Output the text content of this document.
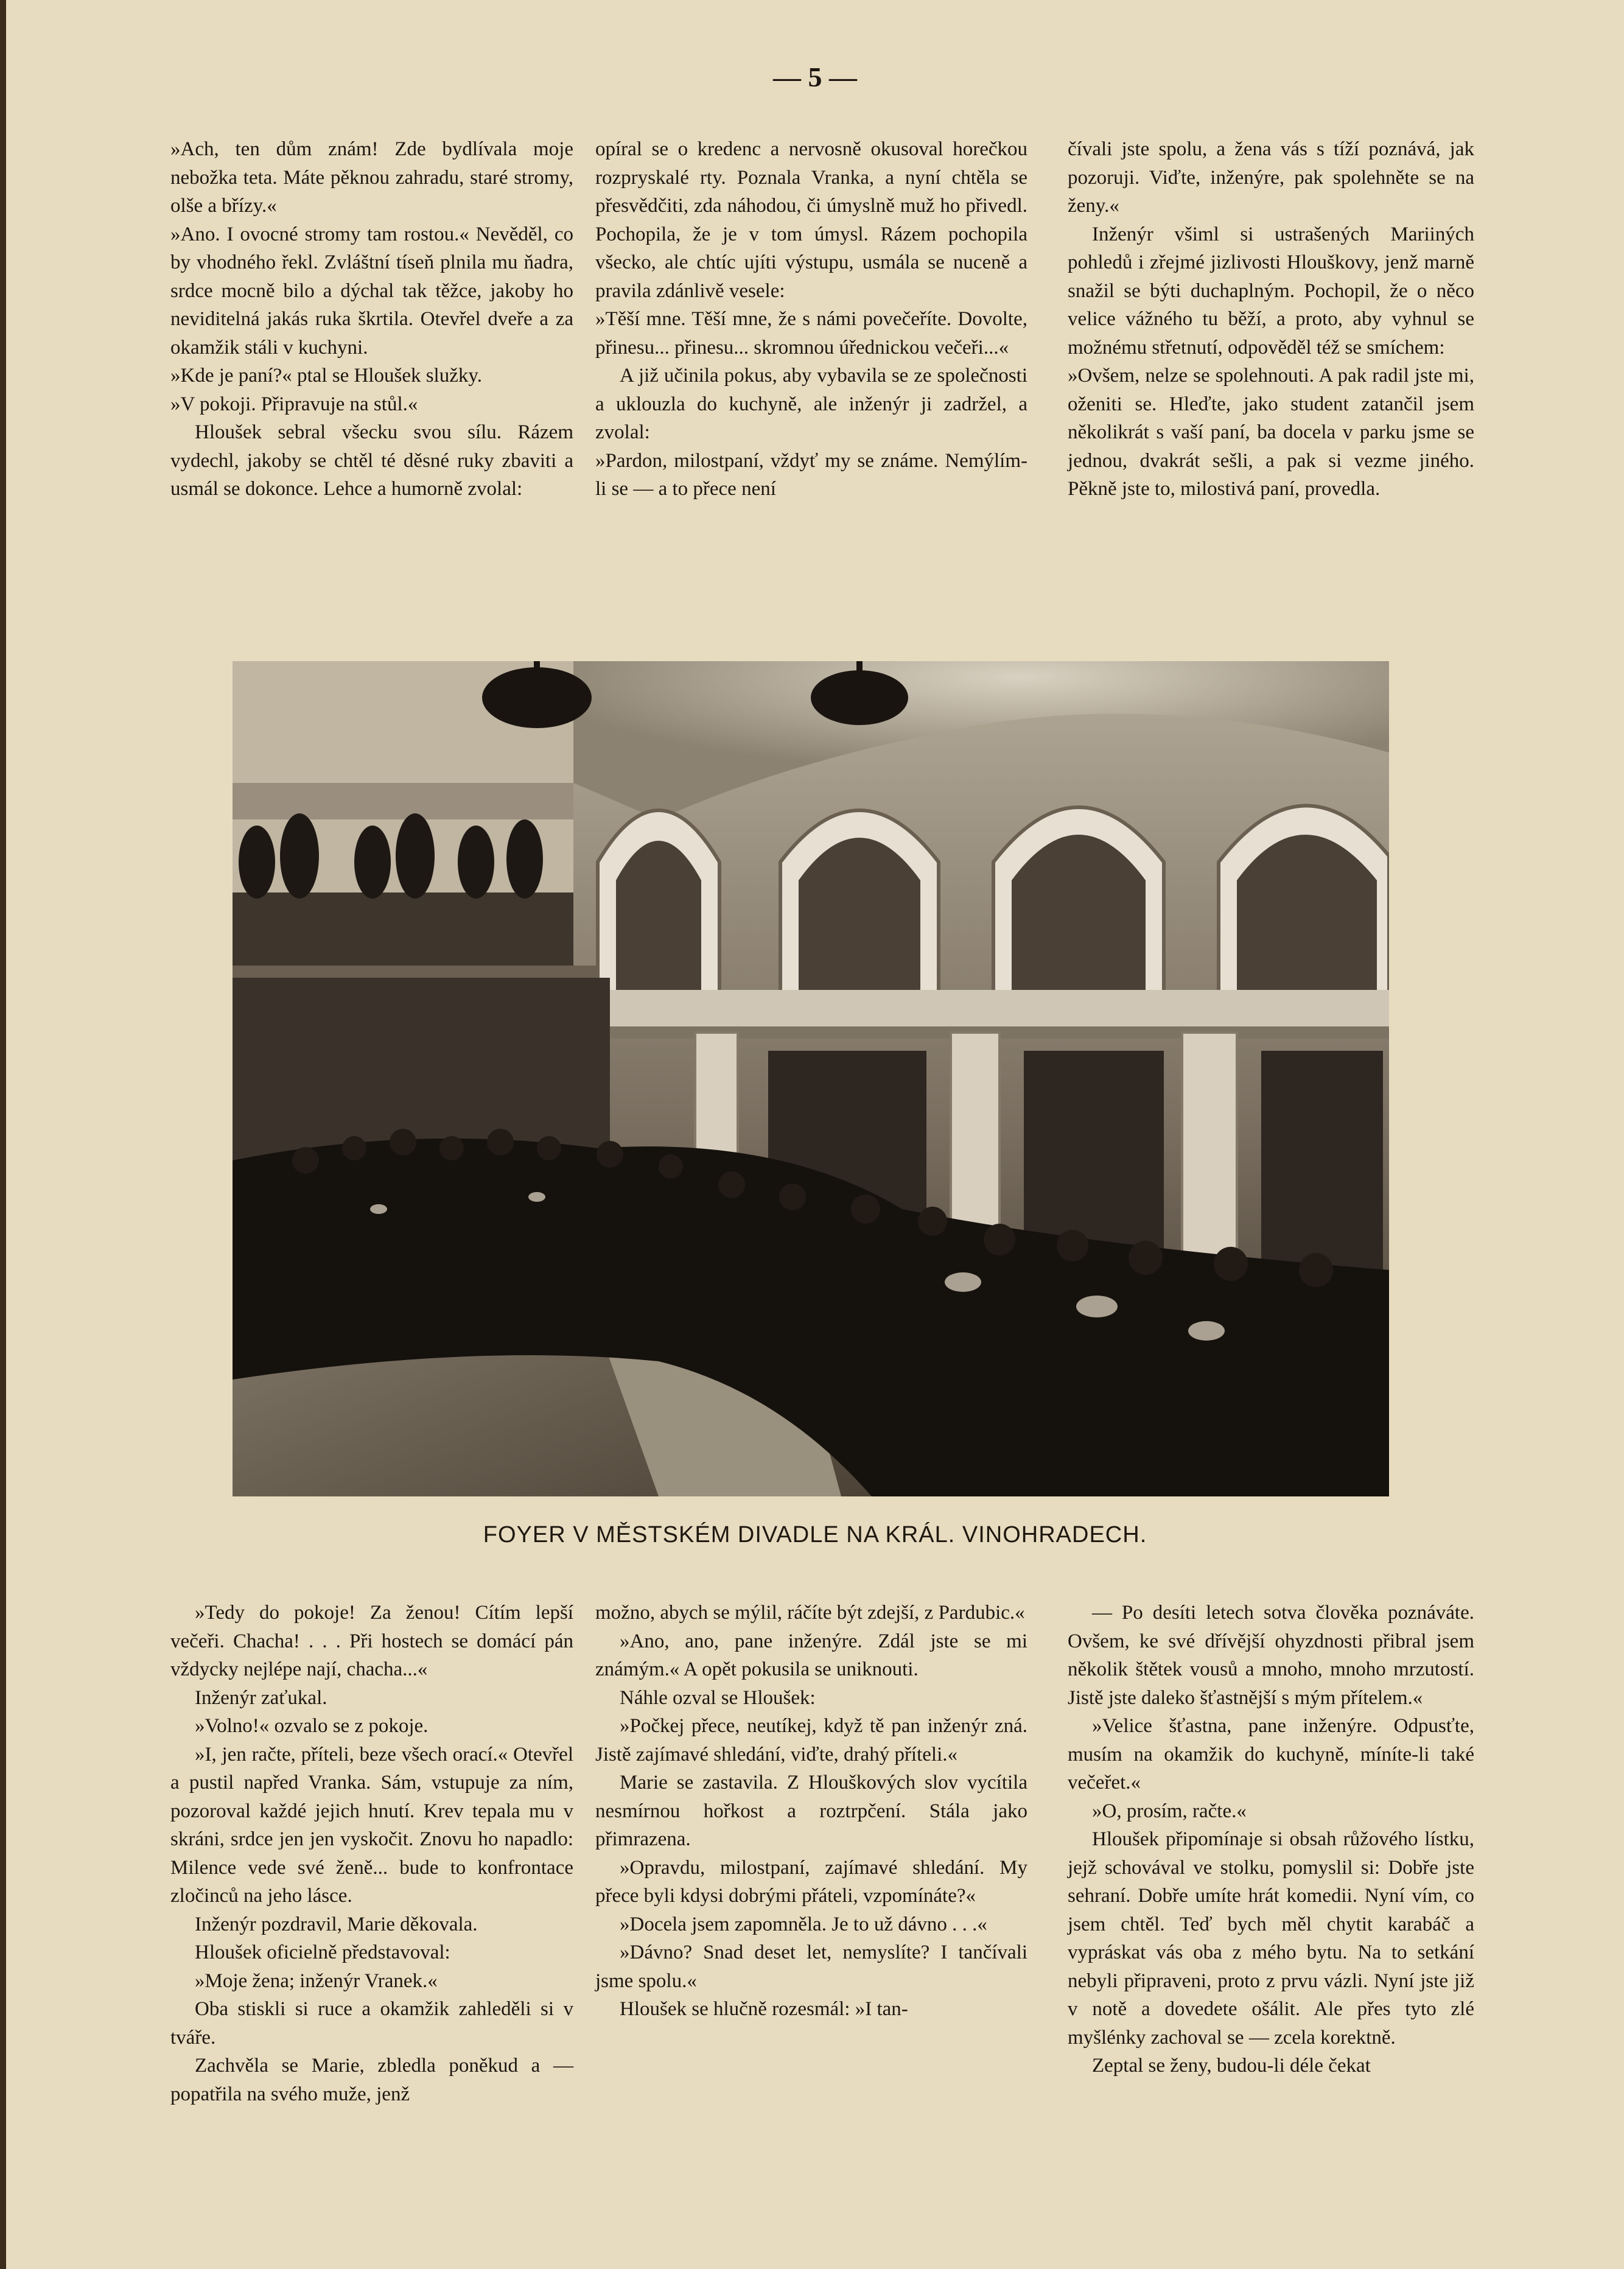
— 5 —

»Ach, ten dům znám! Zde bydlívala moje nebožka teta. Máte pěknou zahradu, staré stromy, olše a břízy.«

»Ano. I ovocné stromy tam rostou.« Nevěděl, co by vhodného řekl. Zvláštní tíseň plnila mu ňadra, srdce mocně bilo a dýchal tak těžce, jakoby ho neviditelná jakás ruka škrtila. Otevřel dveře a za okamžik stáli v kuchyni.

»Kde je paní?« ptal se Hloušek služky.

»V pokoji. Připravuje na stůl.«

Hloušek sebral všecku svou sílu. Rázem vydechl, jakoby se chtěl té děsné ruky zbaviti a usmál se dokonce. Lehce a humorně zvolal:

opíral se o kredenc a nervosně okusoval horečkou rozpryskalé rty. Poznala Vranka, a nyní chtěla se přesvědčiti, zda náhodou, či úmyslně muž ho přivedl. Pochopila, že je v tom úmysl. Rázem pochopila všecko, ale chtíc ujíti výstupu, usmála se nuceně a pravila zdánlivě vesele:

»Těší mne. Těší mne, že s námi povečeříte. Dovolte, přinesu... přinesu... skromnou úřednickou večeři...«

A již učinila pokus, aby vybavila se ze společnosti a uklouzla do kuchyně, ale inženýr ji zadržel, a zvolal:

»Pardon, milostpaní, vždyť my se známe. Nemýlím-li se — a to přece není

čívali jste spolu, a žena vás s tíží poznává, jak pozoruji. Viďte, inženýre, pak spolehněte se na ženy.«

Inženýr všiml si ustrašených Mariiných pohledů i zřejmé jizlivosti Hlouškovy, jenž marně snažil se býti duchaplným. Pochopil, že o něco velice vážného tu běží, a proto, aby vyhnul se možnému střetnutí, odpověděl též se smíchem:

»Ovšem, nelze se spolehnouti. A pak radil jste mi, oženiti se. Hleďte, jako student zatančil jsem několikrát s vaší paní, ba docela v parku jsme se jednou, dvakrát sešli, a pak si vezme jiného. Pěkně jste to, milostivá paní, provedla.

FOYER V MĚSTSKÉM DIVADLE NA KRÁL. VINOHRADECH.

»Tedy do pokoje! Za ženou! Cítím lepší večeři. Chacha! . . . Při hostech se domácí pán vždycky nejlépe nají, chacha...«

Inženýr zaťukal.

»Volno!« ozvalo se z pokoje.

»I, jen račte, příteli, beze všech orací.« Otevřel a pustil napřed Vranka. Sám, vstupuje za ním, pozoroval každé jejich hnutí. Krev tepala mu v skráni, srdce jen jen vyskočit. Znovu ho napadlo: Milence vede své ženě... bude to konfrontace zločinců na jeho lásce.

Inženýr pozdravil, Marie děkovala.

Hloušek oficielně představoval:

»Moje žena; inženýr Vranek.«

Oba stiskli si ruce a okamžik zahleděli si v tváře.

Zachvěla se Marie, zbledla poněkud a — popatřila na svého muže, jenž

možno, abych se mýlil, ráčíte být zdejší, z Pardubic.«

»Ano, ano, pane inženýre. Zdál jste se mi známým.« A opět pokusila se uniknouti.

Náhle ozval se Hloušek:

»Počkej přece, neutíkej, když tě pan inženýr zná. Jistě zajímavé shledání, viďte, drahý příteli.«

Marie se zastavila. Z Hlouškových slov vycítila nesmírnou hořkost a roztrpčení. Stála jako přimrazena.

»Opravdu, milostpaní, zajímavé shledání. My přece byli kdysi dobrými přáteli, vzpomínáte?«

»Docela jsem zapomněla. Je to už dávno . . .«

»Dávno? Snad deset let, nemyslíte? I tančívali jsme spolu.«

Hloušek se hlučně rozesmál: »I tan-

— Po desíti letech sotva člověka poznáváte. Ovšem, ke své dřívější ohyzdnosti přibral jsem několik štětek vousů a mnoho, mnoho mrzutostí. Jistě jste daleko šťastnější s mým přítelem.«

»Velice šťastna, pane inženýre. Odpusťte, musím na okamžik do kuchyně, míníte-li také večeřet.«

»O, prosím, račte.«

Hloušek připomínaje si obsah růžového lístku, jejž schovával ve stolku, pomyslil si: Dobře jste sehraní. Dobře umíte hrát komedii. Nyní vím, co jsem chtěl. Teď bych měl chytit karabáč a vypráskat vás oba z mého bytu. Na to setkání nebyli připraveni, proto z prvu vázli. Nyní jste již v notě a dovedete ošálit. Ale přes tyto zlé myšlénky zachoval se — zcela korektně.

Zeptal se ženy, budou-li déle čekat
